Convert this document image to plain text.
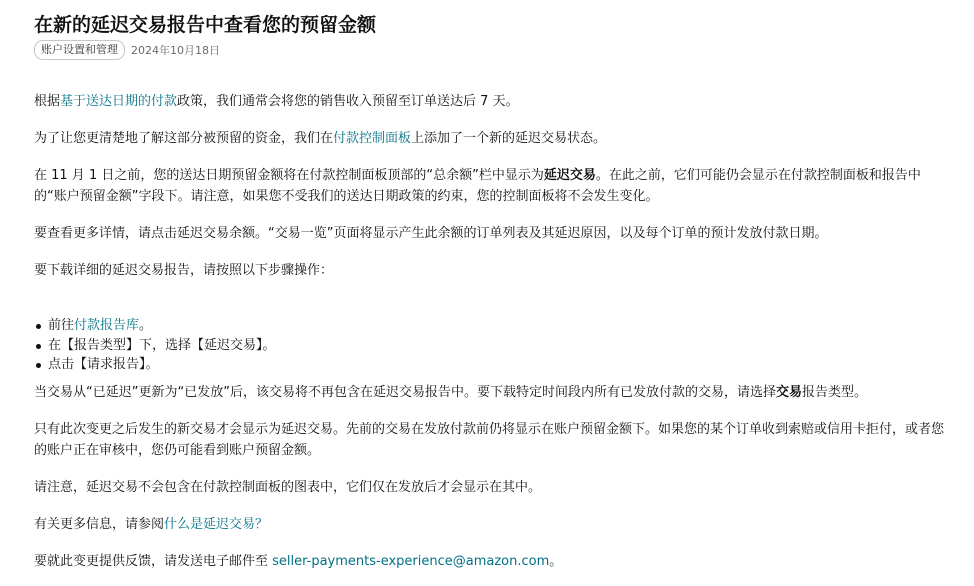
在新的延迟交易报告中查看您的预留金额
账户设置和管理	2024年10月18日

根据基于送达日期的付款政策，我们通常会将您的销售收入预留至订单送达后 7 天。

为了让您更清楚地了解这部分被预留的资金，我们在付款控制面板上添加了一个新的延迟交易状态。

在 11 月 1 日之前，您的送达日期预留金额将在付款控制面板顶部的“总余额”栏中显示为延迟交易。在此之前，它们可能仍会显示在付款控制面板和报告中的“账户预留金额”字段下。请注意，如果您不受我们的送达日期政策的约束，您的控制面板将不会发生变化。

要查看更多详情，请点击延迟交易余额。“交易一览”页面将显示产生此余额的订单列表及其延迟原因，以及每个订单的预计发放付款日期。

要下载详细的延迟交易报告，请按照以下步骤操作：

前往付款报告库。
在【报告类型】下，选择【延迟交易】。
点击【请求报告】。

当交易从“已延迟”更新为“已发放”后，该交易将不再包含在延迟交易报告中。要下载特定时间段内所有已发放付款的交易，请选择交易报告类型。

只有此次变更之后发生的新交易才会显示为延迟交易。先前的交易在发放付款前仍将显示在账户预留金额下。如果您的某个订单收到索赔或信用卡拒付，或者您的账户正在审核中，您仍可能看到账户预留金额。

请注意，延迟交易不会包含在付款控制面板的图表中，它们仅在发放后才会显示在其中。

有关更多信息，请参阅什么是延迟交易？

要就此变更提供反馈，请发送电子邮件至 seller-payments-experience@amazon.com。
